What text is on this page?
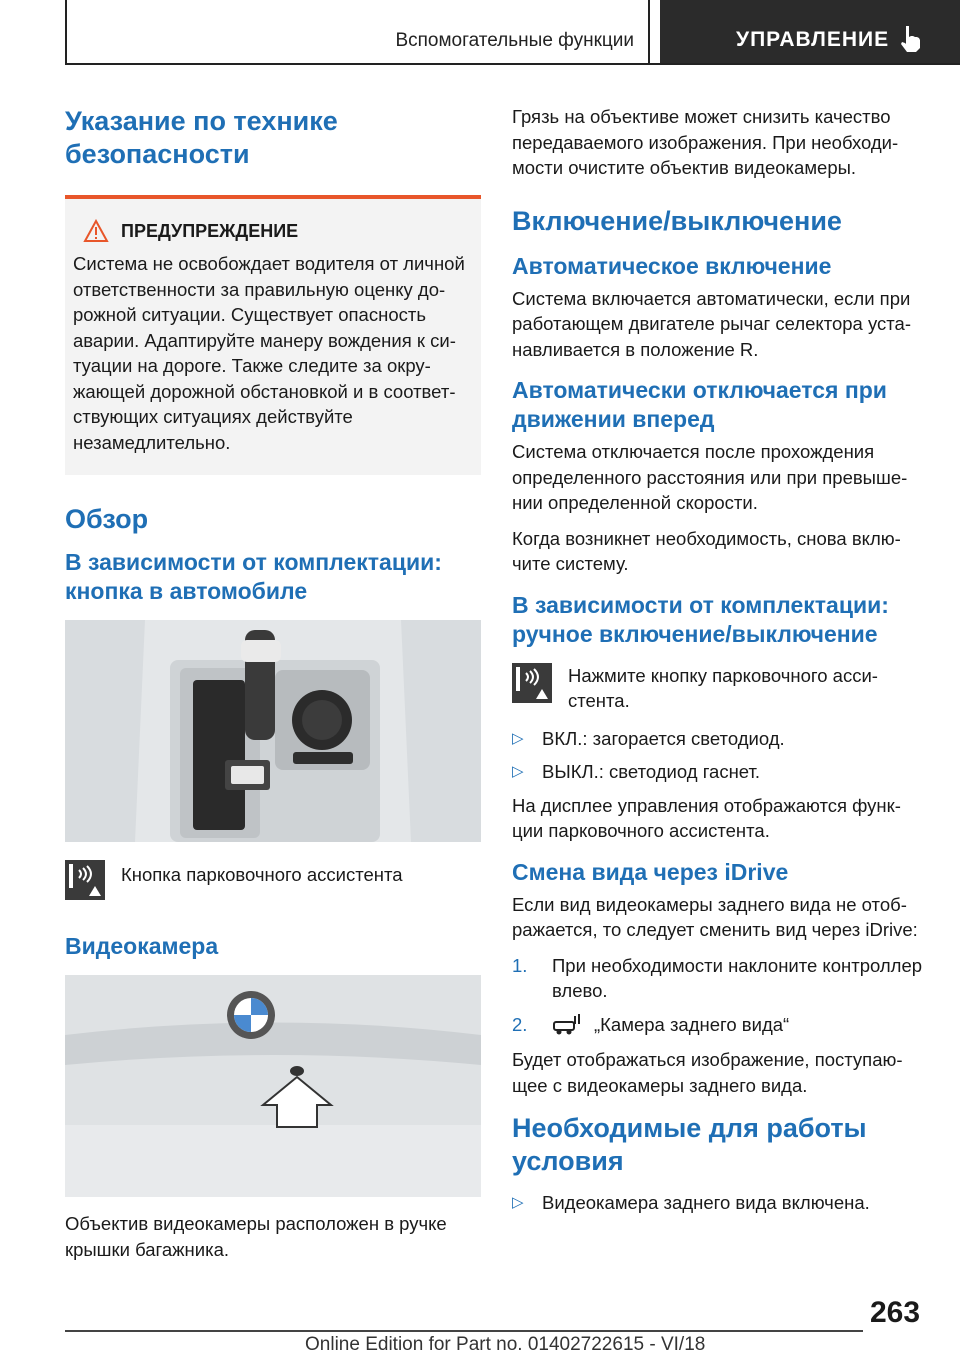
Вспомогательные функции	УПРАВЛЕНИЕ
Указание по технике безопасности
ПРЕДУПРЕЖДЕНИЕ

Система не освобождает водителя от личной ответственности за правильную оценку до-рожной ситуации. Существует опасность аварии. Адаптируйте манеру вождения к си-туации на дороге. Также следите за окру-жающей дорожной обстановкой и в соответ-ствующих ситуациях действуйте незамедлительно.

Обзор
В зависимости от комплектации: кнопка в автомобиле
Кнопка парковочного ассистента
Видеокамера

Объектив видеокамеры расположен в ручке крышки багажника.

Грязь на объективе может снизить качество передаваемого изображения. При необходи-мости очистите объектив видеокамеры.

Включение/выключение
Автоматическое включение

Система включается автоматически, если при работающем двигателе рычаг селектора уста-навливается в положение R.

Автоматически отключается при движении вперед

Система отключается после прохождения определенного расстояния или при превыше-нии определенной скорости.

Когда возникнет необходимость, снова вклю-чите систему.

В зависимости от комплектации: ручное включение/выключение
Нажмите кнопку парковочного асси-стента.
▷ ВКЛ.: загорается светодиод.
▷ ВЫКЛ.: светодиод гаснет.

На дисплее управления отображаются функ-ции парковочного ассистента.

Смена вида через iDrive

Если вид видеокамеры заднего вида не отоб-ражается, то следует сменить вид через iDrive:

1.	При необходимости наклоните контроллер влево.
2.	„Камера заднего вида“

Будет отображаться изображение, поступаю-щее с видеокамеры заднего вида.

Необходимые для работы условия
▷ Видеокамера заднего вида включена.
263
Online Edition for Part no. 01402722615 - VI/18
